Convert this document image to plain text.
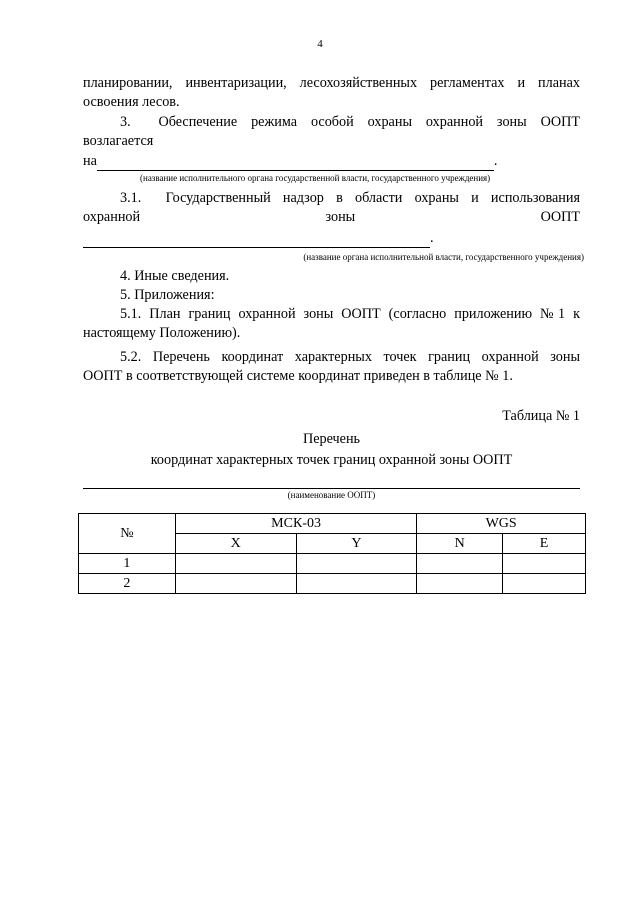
4

планировании, инвентаризации, лесохозяйственных регламентах и планах

освоения лесов.

3.  Обеспечение режима особой охраны охранной зоны ООПТ

возлагается

на	.
(название исполнительного органа государственной власти, государственного учреждения)

3.1.  Государственный надзор в области охраны и использования

охранной зоны ООПТ

.
(название органа исполнительной власти, государственного учреждения)

4. Иные сведения.

5. Приложения:

5.1. План границ охранной зоны ООПТ (согласно приложению №1 к

настоящему Положению).

5.2. Перечень координат характерных точек границ охранной зоны

ООПТ в соответствующей системе координат приведен в таблице № 1.

Таблица № 1

Перечень

координат характерных точек границ охранной зоны ООПТ

(наименование ООПТ)
№	МСК-03		WGS	
	X	Y	N	E
1				
2				
